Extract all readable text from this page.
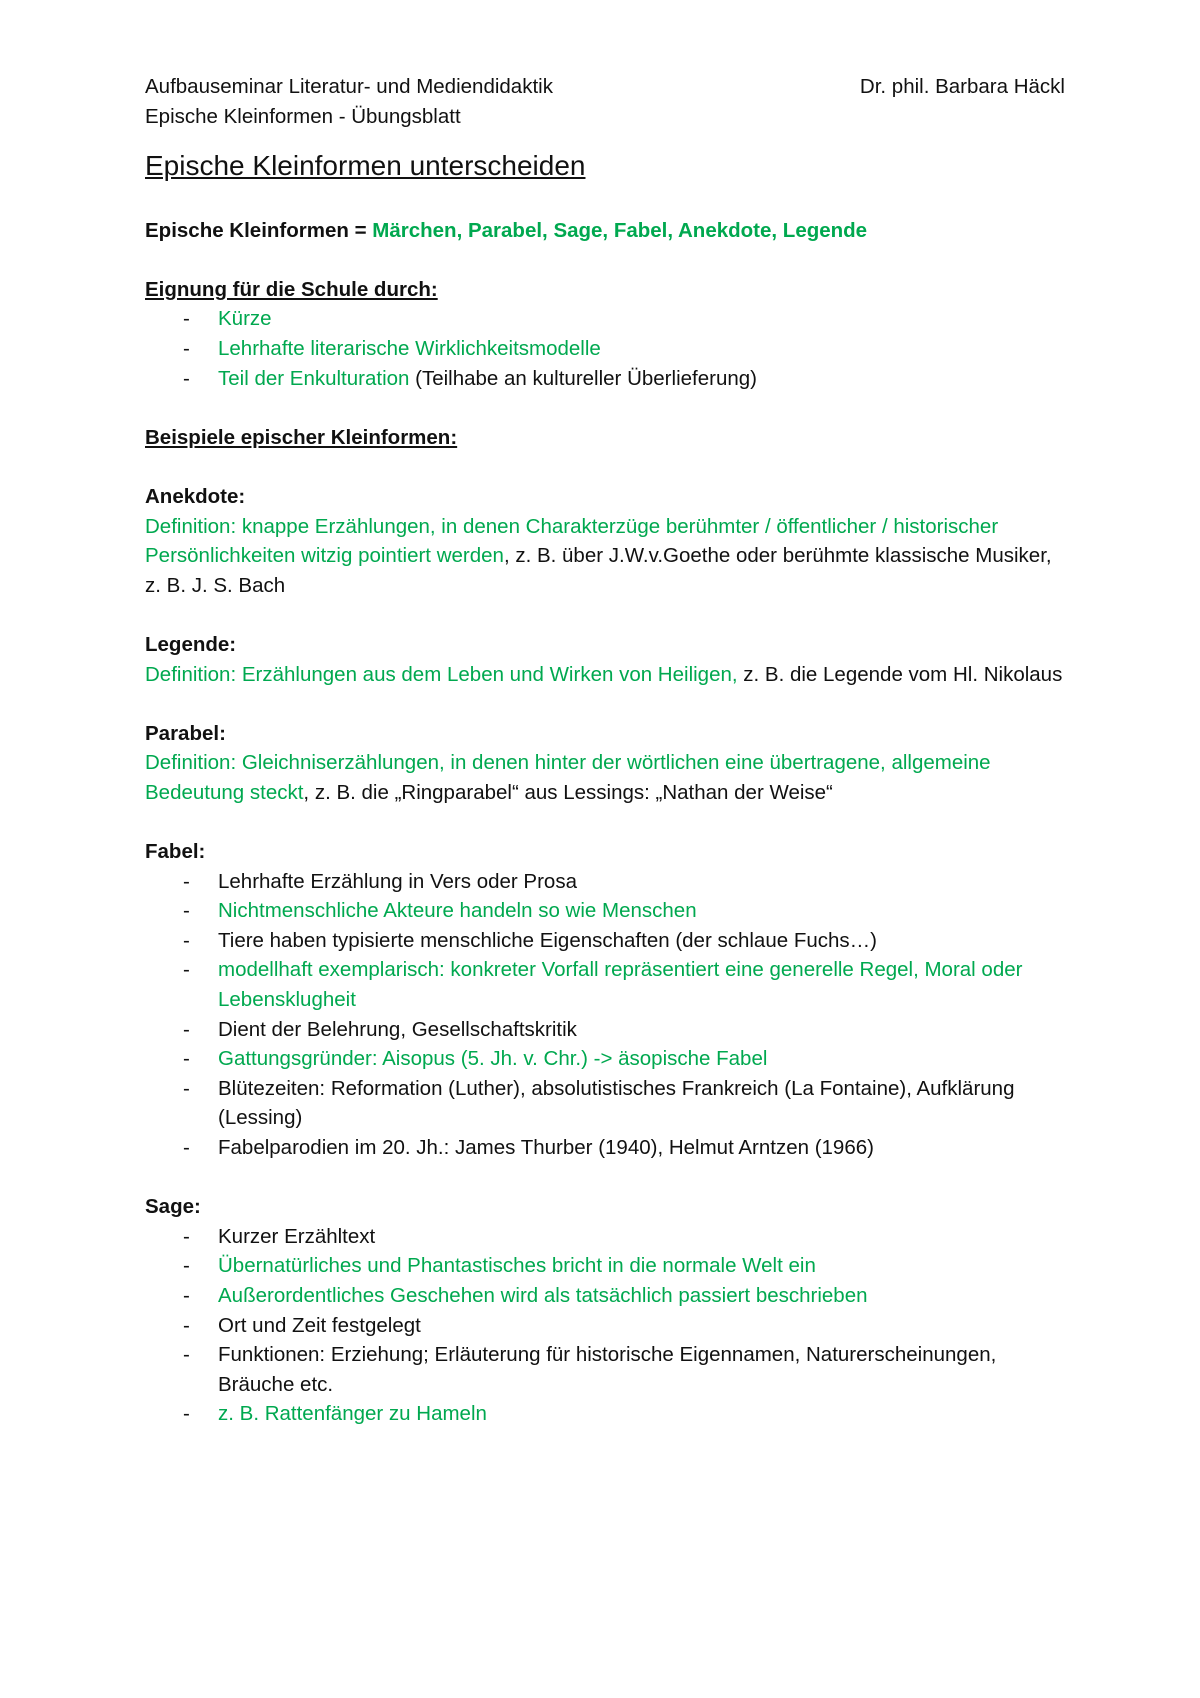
Aufbauseminar Literatur- und Mediendidaktik	Dr. phil. Barbara Häckl
Epische Kleinformen - Übungsblatt
Epische Kleinformen unterscheiden

Epische Kleinformen = Märchen, Parabel, Sage, Fabel, Anekdote, Legende

Eignung für die Schule durch:

- Kürze
- Lehrhafte literarische Wirklichkeitsmodelle
- Teil der Enkulturation (Teilhabe an kultureller Überlieferung)

Beispiele epischer Kleinformen:

Anekdote:

Definition: knappe Erzählungen, in denen Charakterzüge berühmter / öffentlicher / historischer Persönlichkeiten witzig pointiert werden, z. B. über J.W.v.Goethe oder berühmte klassische Musiker, z. B. J. S. Bach

Legende:

Definition: Erzählungen aus dem Leben und Wirken von Heiligen, z. B. die Legende vom Hl. Nikolaus

Parabel:

Definition: Gleichniserzählungen, in denen hinter der wörtlichen eine übertragene, allgemeine Bedeutung steckt, z. B. die „Ringparabel“ aus Lessings: „Nathan der Weise“

Fabel:

- Lehrhafte Erzählung in Vers oder Prosa
- Nichtmenschliche Akteure handeln so wie Menschen
- Tiere haben typisierte menschliche Eigenschaften (der schlaue Fuchs…)
- modellhaft exemplarisch: konkreter Vorfall repräsentiert eine generelle Regel, Moral oder Lebensklugheit
- Dient der Belehrung, Gesellschaftskritik
- Gattungsgründer: Aisopus (5. Jh. v. Chr.) -> äsopische Fabel
- Blütezeiten: Reformation (Luther), absolutistisches Frankreich (La Fontaine), Aufklärung (Lessing)
- Fabelparodien im 20. Jh.: James Thurber (1940), Helmut Arntzen (1966)

Sage:

- Kurzer Erzähltext
- Übernatürliches und Phantastisches bricht in die normale Welt ein
- Außerordentliches Geschehen wird als tatsächlich passiert beschrieben
- Ort und Zeit festgelegt
- Funktionen: Erziehung; Erläuterung für historische Eigennamen, Naturerscheinungen, Bräuche etc.
- z. B. Rattenfänger zu Hameln
